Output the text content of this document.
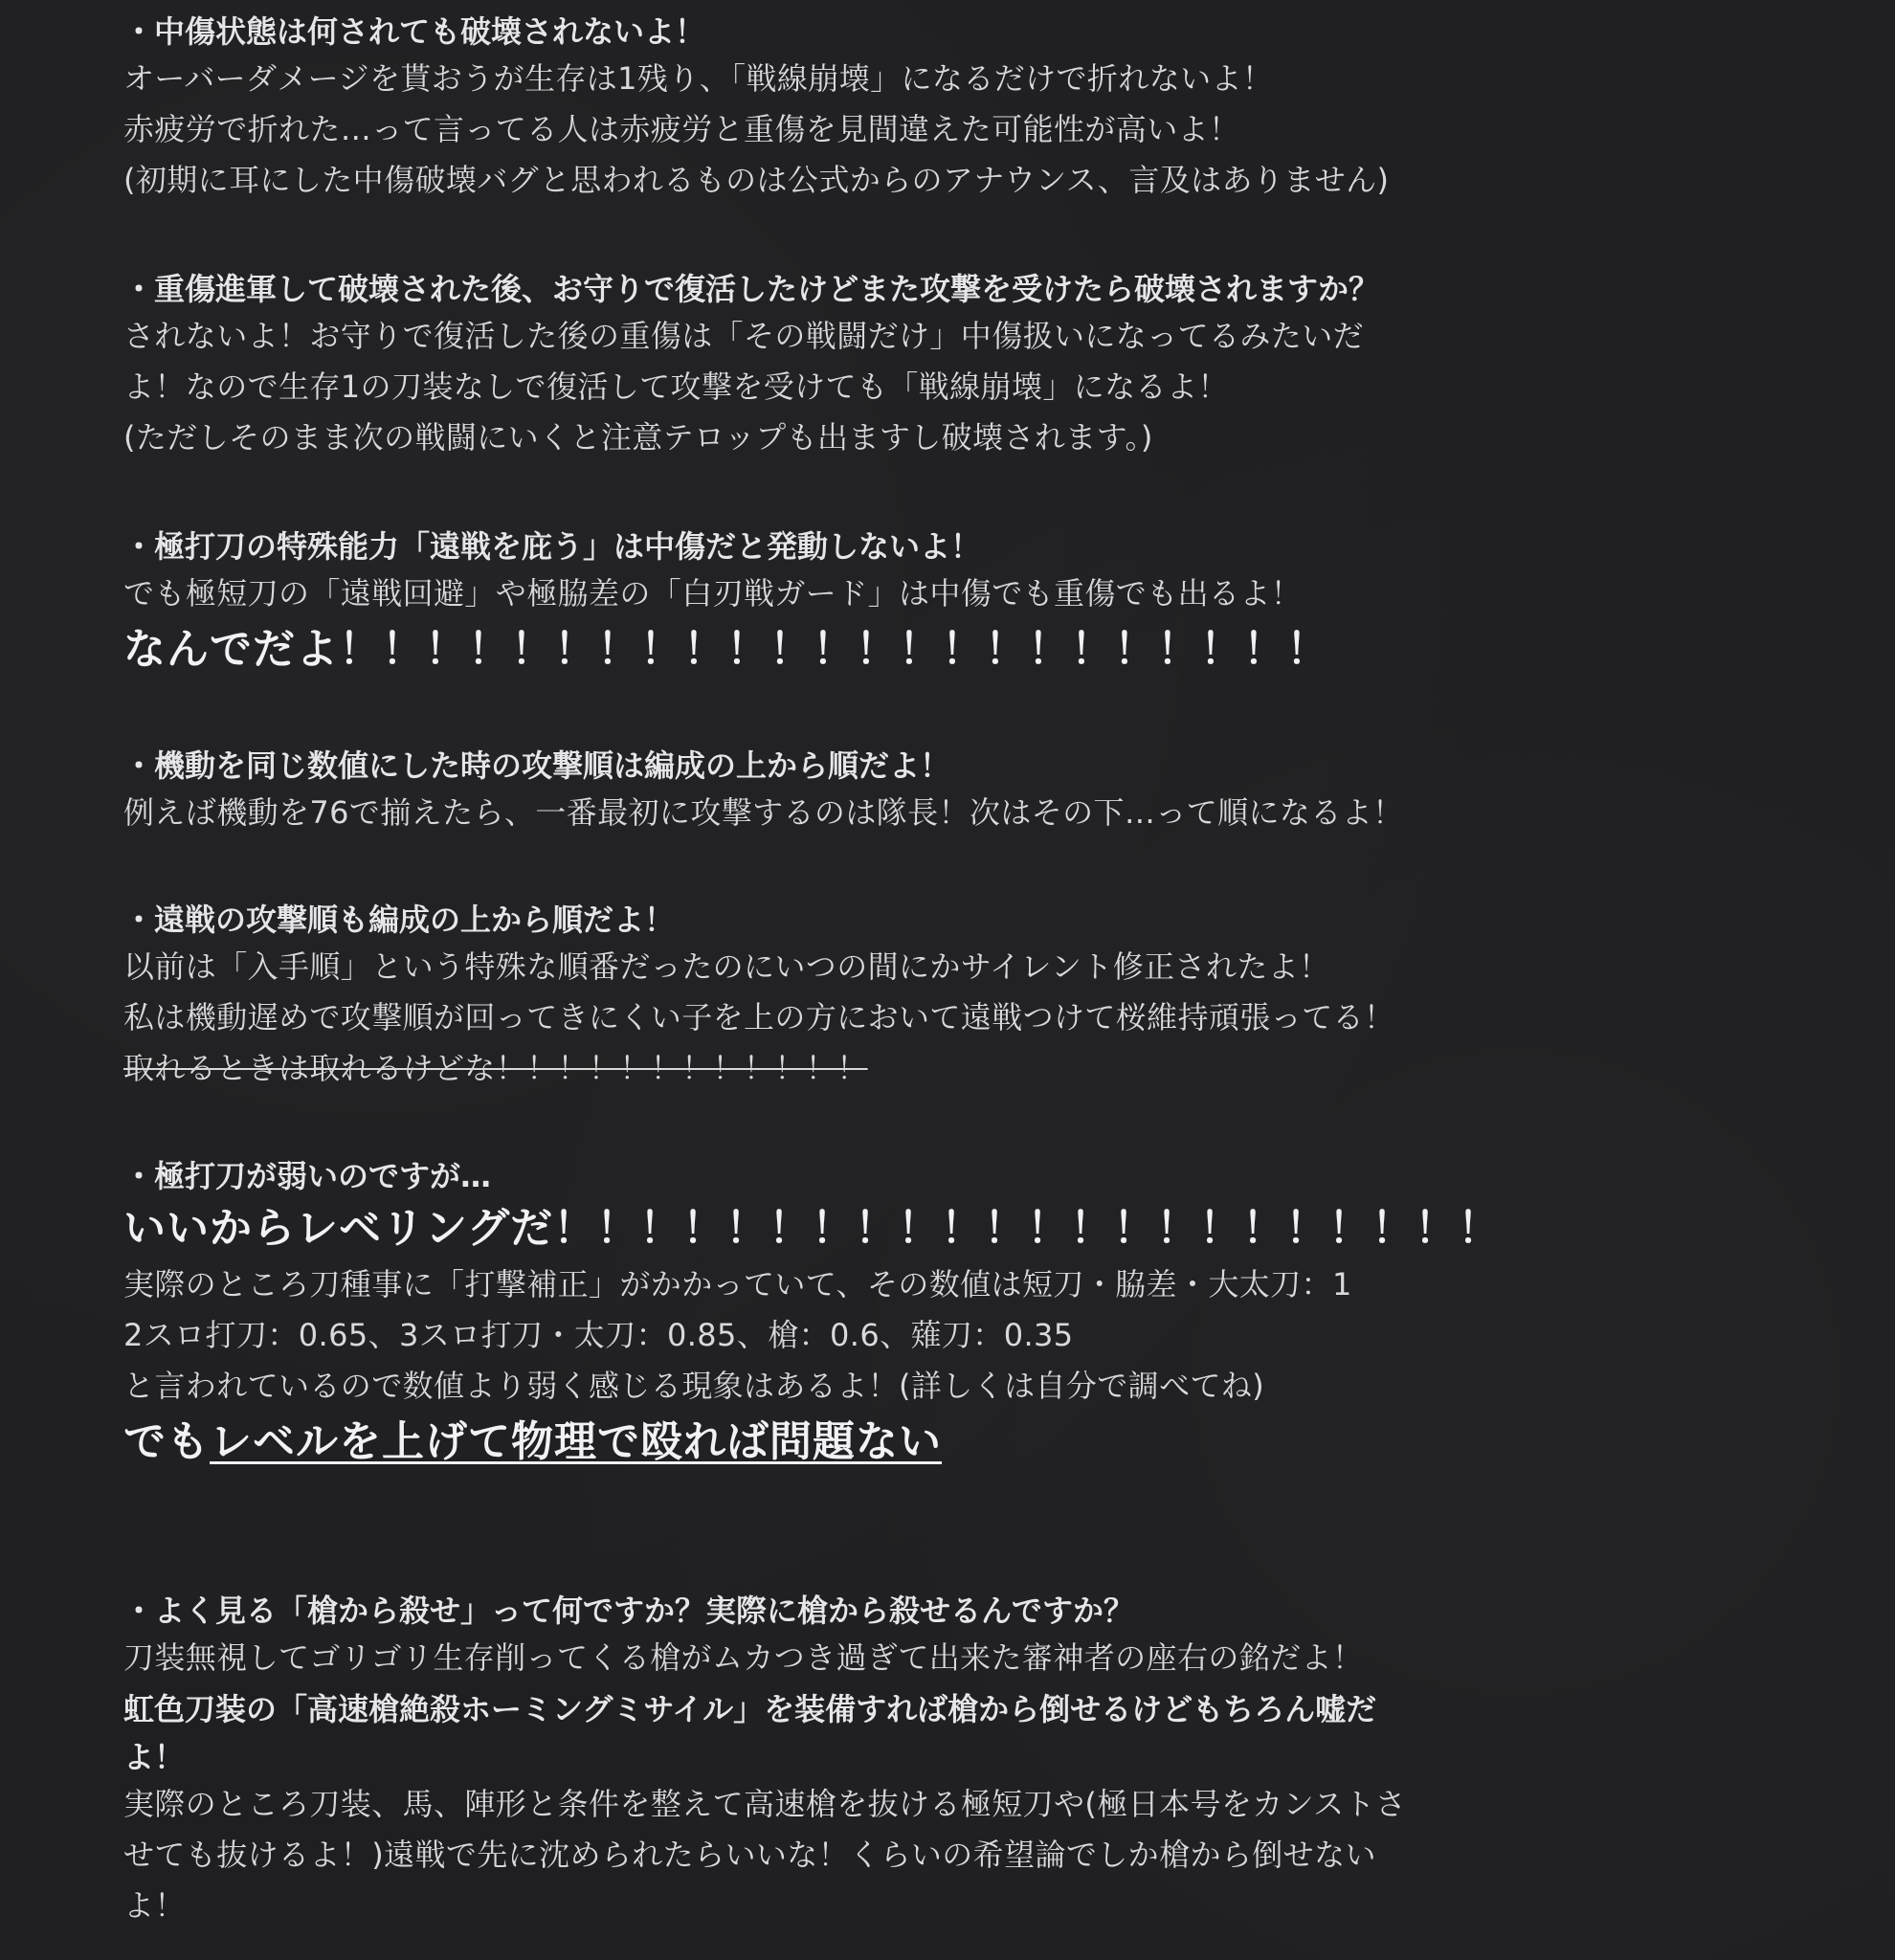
・中傷状態は何されても破壊されないよ！
オーバーダメージを貰おうが生存は1残り、「戦線崩壊」になるだけで折れないよ！
赤疲労で折れた…って言ってる人は赤疲労と重傷を見間違えた可能性が高いよ！
(初期に耳にした中傷破壊バグと思われるものは公式からのアナウンス、言及はありません)
・重傷進軍して破壊された後、お守りで復活したけどまた攻撃を受けたら破壊されますか？
されないよ！お守りで復活した後の重傷は「その戦闘だけ」中傷扱いになってるみたいだ
よ！なので生存1の刀装なしで復活して攻撃を受けても「戦線崩壊」になるよ！
(ただしそのまま次の戦闘にいくと注意テロップも出ますし破壊されます。)
・極打刀の特殊能力「遠戦を庇う」は中傷だと発動しないよ！
でも極短刀の「遠戦回避」や極脇差の「白刃戦ガード」は中傷でも重傷でも出るよ！
なんでだよ！！！！！！！！！！！！！！！！！！！！！！！
・機動を同じ数値にした時の攻撃順は編成の上から順だよ！
例えば機動を76で揃えたら、一番最初に攻撃するのは隊長！次はその下…って順になるよ！
・遠戦の攻撃順も編成の上から順だよ！
以前は「入手順」という特殊な順番だったのにいつの間にかサイレント修正されたよ！
私は機動遅めで攻撃順が回ってきにくい子を上の方において遠戦つけて桜維持頑張ってる！
取れるときは取れるけどな！！！！！！！！！！！！
・極打刀が弱いのですが…
いいからレベリングだ！！！！！！！！！！！！！！！！！！！！！！
実際のところ刀種事に「打撃補正」がかかっていて、その数値は短刀・脇差・大太刀：1
2スロ打刀：0.65、3スロ打刀・太刀：0.85、槍：0.6、薙刀：0.35
と言われているので数値より弱く感じる現象はあるよ！(詳しくは自分で調べてね)
でもレベルを上げて物理で殴れば問題ない
・よく見る「槍から殺せ」って何ですか？実際に槍から殺せるんですか？
刀装無視してゴリゴリ生存削ってくる槍がムカつき過ぎて出来た審神者の座右の銘だよ！
虹色刀装の「高速槍絶殺ホーミングミサイル」を装備すれば槍から倒せるけどもちろん嘘だ
よ！
実際のところ刀装、馬、陣形と条件を整えて高速槍を抜ける極短刀や(極日本号をカンストさ
せても抜けるよ！)遠戦で先に沈められたらいいな！くらいの希望論でしか槍から倒せない
よ！
